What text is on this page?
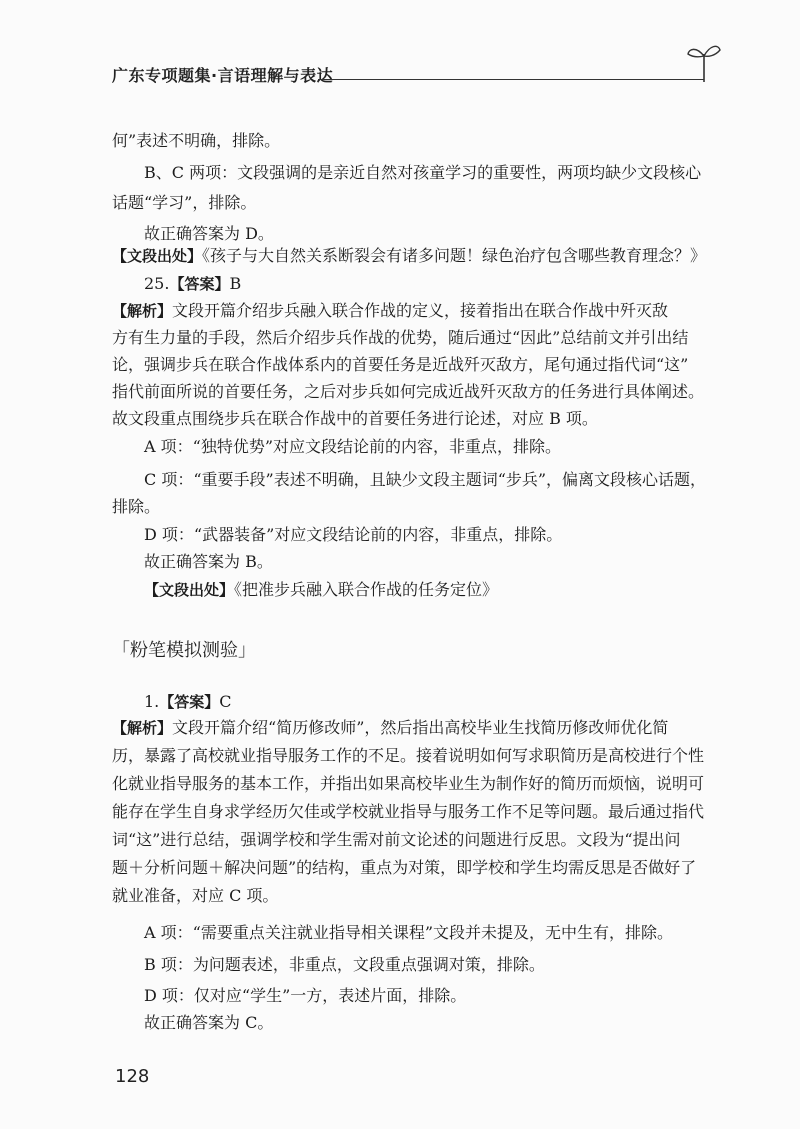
广东专项题集·言语理解与表达
何”表述不明确，排除。
B、C 两项：文段强调的是亲近自然对孩童学习的重要性，两项均缺少文段核心
话题“学习”，排除。
故正确答案为 D。
【文段出处】《孩子与大自然关系断裂会有诸多问题！绿色治疗包含哪些教育理念？》
25.【答案】B
【解析】文段开篇介绍步兵融入联合作战的定义，接着指出在联合作战中歼灭敌
方有生力量的手段，然后介绍步兵作战的优势，随后通过“因此”总结前文并引出结
论，强调步兵在联合作战体系内的首要任务是近战歼灭敌方，尾句通过指代词“这”
指代前面所说的首要任务，之后对步兵如何完成近战歼灭敌方的任务进行具体阐述。
故文段重点围绕步兵在联合作战中的首要任务进行论述，对应 B 项。
A 项：“独特优势”对应文段结论前的内容，非重点，排除。
C 项：“重要手段”表述不明确，且缺少文段主题词“步兵”，偏离文段核心话题，
排除。
D 项：“武器装备”对应文段结论前的内容，非重点，排除。
故正确答案为 B。
【文段出处】《把准步兵融入联合作战的任务定位》
「粉笔模拟测验」
1.【答案】C
【解析】文段开篇介绍“简历修改师”，然后指出高校毕业生找简历修改师优化简
历，暴露了高校就业指导服务工作的不足。接着说明如何写求职简历是高校进行个性
化就业指导服务的基本工作，并指出如果高校毕业生为制作好的简历而烦恼，说明可
能存在学生自身求学经历欠佳或学校就业指导与服务工作不足等问题。最后通过指代
词“这”进行总结，强调学校和学生需对前文论述的问题进行反思。文段为“提出问
题＋分析问题＋解决问题”的结构，重点为对策，即学校和学生均需反思是否做好了
就业准备，对应 C 项。
A 项：“需要重点关注就业指导相关课程”文段并未提及，无中生有，排除。
B 项：为问题表述，非重点，文段重点强调对策，排除。
D 项：仅对应“学生”一方，表述片面，排除。
故正确答案为 C。
128
